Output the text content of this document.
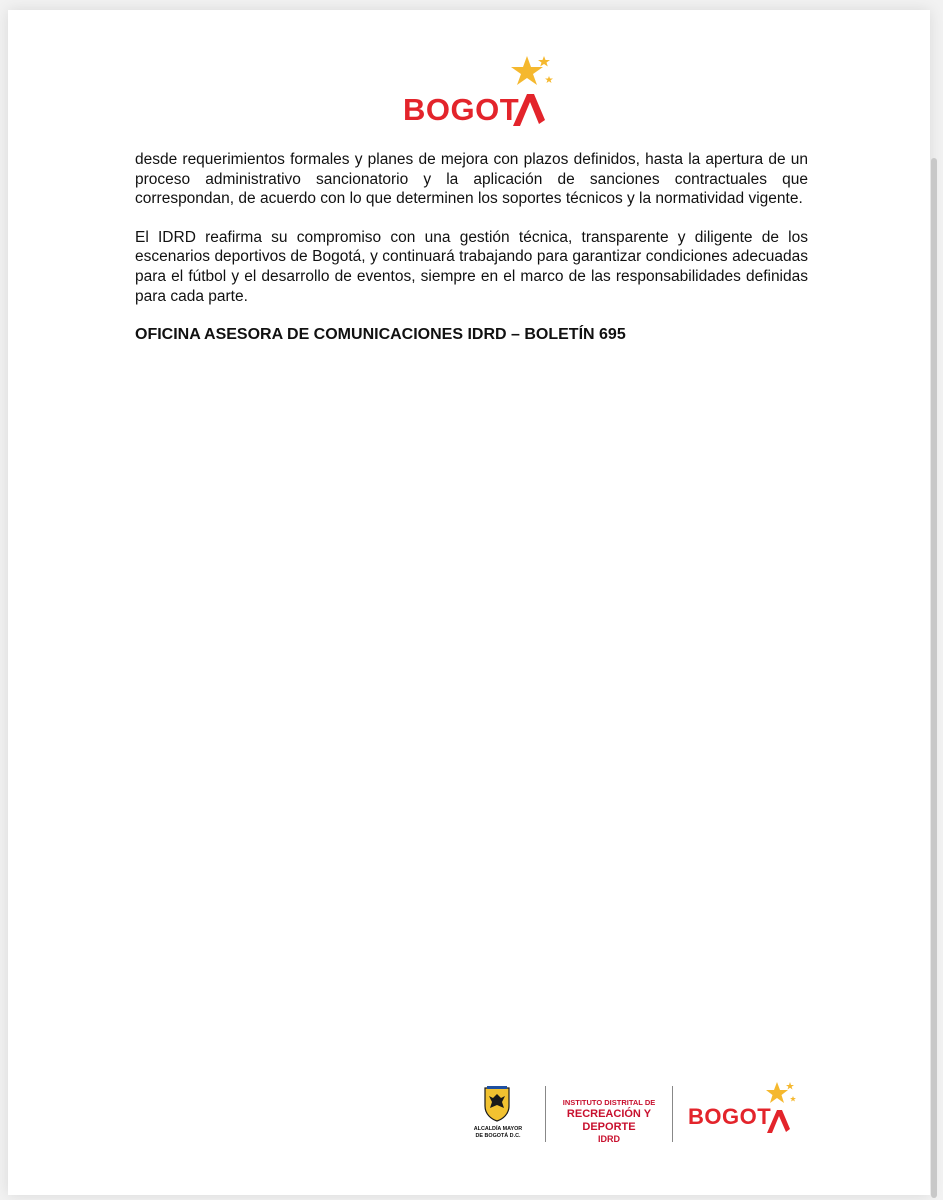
BOGOT

desde requerimientos formales y planes de mejora con plazos definidos, hasta la apertura de un proceso administrativo sancionatorio y la aplicación de sanciones contractuales que correspondan, de acuerdo con lo que determinen los soportes técnicos y la normatividad vigente.

El IDRD reafirma su compromiso con una gestión técnica, transparente y diligente de los escenarios deportivos de Bogotá, y continuará trabajando para garantizar condiciones adecuadas para el fútbol y el desarrollo de eventos, siempre en el marco de las responsabilidades definidas para cada parte.

OFICINA ASESORA DE COMUNICACIONES IDRD – BOLETÍN 695
ALCALDÍA MAYOR
DE BOGOTÁ D.C.
INSTITUTO DISTRITAL DE
RECREACIÓN Y DEPORTE
IDRD
BOGOT
